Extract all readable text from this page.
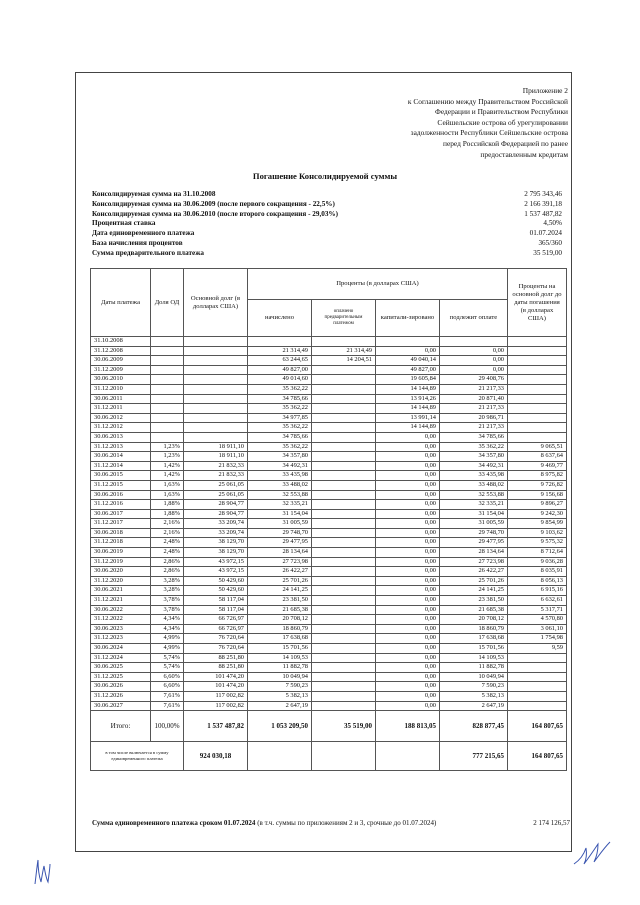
Приложение 2
к Соглашению между Правительством Российской
Федерации и Правительством Республики
Сейшельские острова об урегулировании
задолженности Республики Сейшельские острова
перед Российской Федерацией по ранее
предоставленным кредитам
Погашение Консолидируемой суммы
Консолидируемая сумма на 31.10.2008	2 795 343,46
Консолидируемая сумма на 30.06.2009 (после первого сокращения - 22,5%)	2 166 391,18
Консолидируемая сумма на 30.06.2010 (после второго сокращения - 29,03%)	1 537 487,82
Процентная ставка	4,50%
Дата единовременного платежа	01.07.2024
База начисления процентов	365/360
Сумма предварительного платежа	35 519,00
Даты платежа	Доля ОД	Основной долг (в долларах США)	Проценты (в долларах США)				Проценты на основной долг до даты погашения (в долларах США)
			начислено	оплачено предварительным платежом	капитали-зировано	подлежит оплате	
31.10.2008							
31.12.2008			21 314,49	21 314,49	0,00	0,00	
30.06.2009			63 244,65	14 204,51	49 040,14	0,00	
31.12.2009			49 827,00		49 827,00	0,00	
30.06.2010			49 014,60		19 605,84	29 408,76	
31.12.2010			35 362,22		14 144,89	21 217,33	
30.06.2011			34 785,66		13 914,26	20 871,40	
31.12.2011			35 362,22		14 144,89	21 217,33	
30.06.2012			34 977,85		13 991,14	20 986,71	
31.12.2012			35 362,22		14 144,89	21 217,33	
30.06.2013			34 785,66		0,00	34 785,66	
31.12.2013	1,23%	18 911,10	35 362,22		0,00	35 362,22	9 065,51
30.06.2014	1,23%	18 911,10	34 357,80		0,00	34 357,80	8 637,64
31.12.2014	1,42%	21 832,33	34 492,31		0,00	34 492,31	9 469,77
30.06.2015	1,42%	21 832,33	33 435,98		0,00	33 435,98	8 975,82
31.12.2015	1,63%	25 061,05	33 488,02		0,00	33 488,02	9 726,82
30.06.2016	1,63%	25 061,05	32 553,88		0,00	32 553,88	9 156,68
31.12.2016	1,88%	28 904,77	32 335,21		0,00	32 335,21	9 896,27
30.06.2017	1,88%	28 904,77	31 154,04		0,00	31 154,04	9 242,30
31.12.2017	2,16%	33 209,74	31 005,59		0,00	31 005,59	9 854,99
30.06.2018	2,16%	33 209,74	29 748,70		0,00	29 748,70	9 103,62
31.12.2018	2,48%	38 129,70	29 477,95		0,00	29 477,95	9 575,32
30.06.2019	2,48%	38 129,70	28 134,64		0,00	28 134,64	8 712,64
31.12.2019	2,86%	43 972,15	27 723,98		0,00	27 723,98	9 036,28
30.06.2020	2,86%	43 972,15	26 422,27		0,00	26 422,27	8 035,91
31.12.2020	3,28%	50 429,60	25 701,26		0,00	25 701,26	8 056,13
30.06.2021	3,28%	50 429,60	24 141,25		0,00	24 141,25	6 915,16
31.12.2021	3,78%	58 117,04	23 381,50		0,00	23 381,50	6 632,61
30.06.2022	3,78%	58 117,04	21 685,38		0,00	21 685,38	5 317,71
31.12.2022	4,34%	66 726,97	20 708,12		0,00	20 708,12	4 570,80
30.06.2023	4,34%	66 726,97	18 860,79		0,00	18 860,79	3 061,10
31.12.2023	4,99%	76 720,64	17 638,68		0,00	17 638,68	1 754,98
30.06.2024	4,99%	76 720,64	15 701,56		0,00	15 701,56	9,59
31.12.2024	5,74%	88 251,80	14 109,53		0,00	14 109,53	
30.06.2025	5,74%	88 251,80	11 882,78		0,00	11 882,78	
31.12.2025	6,60%	101 474,20	10 049,94		0,00	10 049,94	
30.06.2026	6,60%	101 474,20	7 590,23		0,00	7 590,23	
31.12.2026	7,61%	117 002,82	5 382,13		0,00	5 382,13	
30.06.2027	7,61%	117 002,82	2 647,19		0,00	2 647,19	
Итого:	100,00%	1 537 487,82	1 053 209,50	35 519,00	188 813,05	828 877,45	164 807,65
в том числе включается в сумму единовременного платежа		924 030,18				777 215,65	164 807,65
Сумма единовременного платежа сроком 01.07.2024 (в т.ч. суммы по приложениям 2 и 3, срочные до 01.07.2024)	2 174 126,57
